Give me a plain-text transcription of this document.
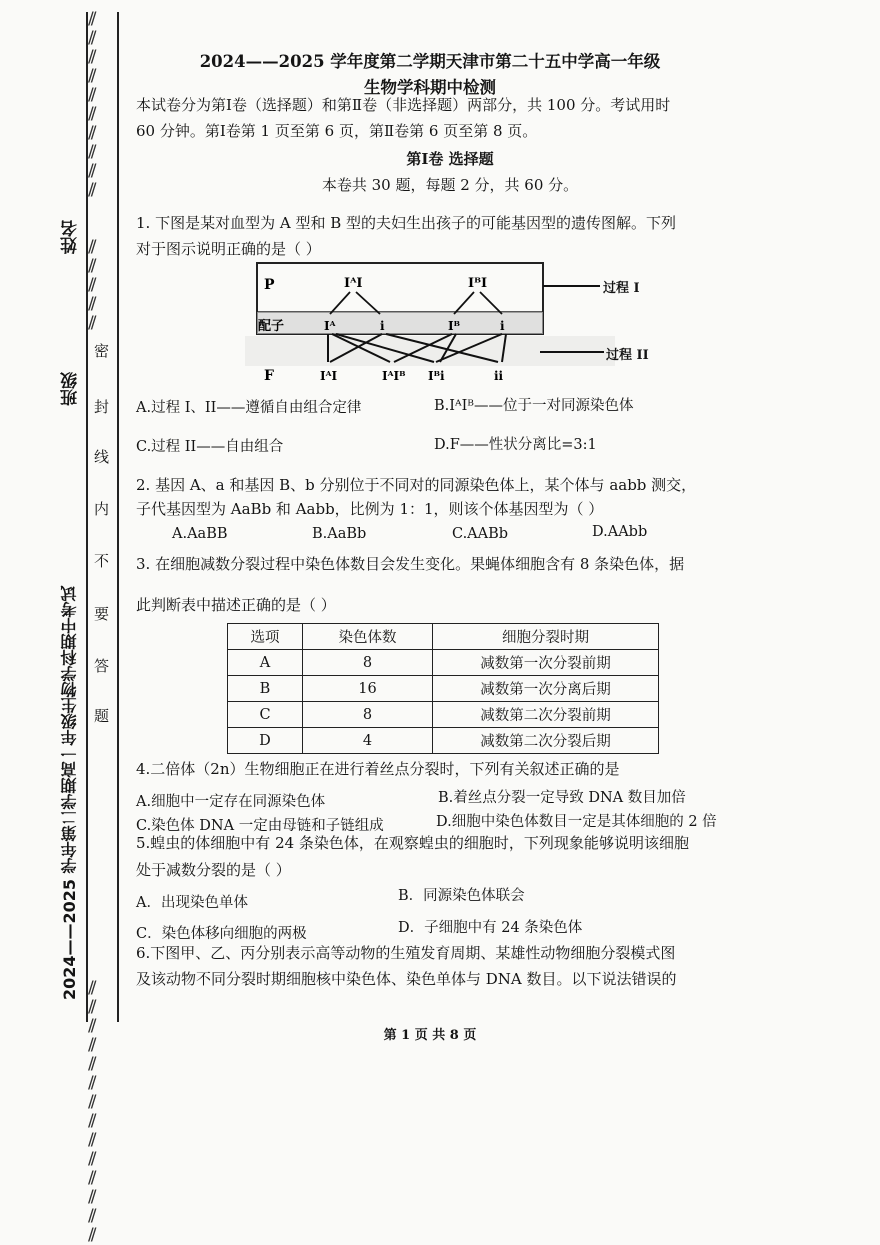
//
//
//
//
//
//
//
//
//
//
//
//
//
//
//
//
//
//
//
//
//
//
//
//
//
//
//
//
//
姓名
班级
2024——2025 学年第二学期高一年级生物学科期中考试
密
封
线
内
不
要
答
题
2024——2025 学年度第二学期天津市第二十五中学高一年级
生物学科期中检测
本试卷分为第Ⅰ卷（选择题）和第Ⅱ卷（非选择题）两部分，共 100 分。考试用时
60 分钟。第Ⅰ卷第 1 页至第 6 页，第Ⅱ卷第 6 页至第 8 页。
第Ⅰ卷 选择题
本卷共 30 题，每题 2 分，共 60 分。
1. 下图是某对血型为 A 型和 B 型的夫妇生出孩子的可能基因型的遗传图解。下列
对于图示说明正确的是（ ）
P	IᴬI	IᴮI
配子	Iᴬ	i	Iᴮ	i
F	IᴬI	IᴬIᴮ Iᴮi	ii
过程 I
过程 II
A.过程 I、II——遵循自由组合定律	B.IᴬIᴮ——位于一对同源染色体
C.过程 II——自由组合	D.F——性状分离比=3:1
2. 基因 A、a 和基因 B、b 分别位于不同对的同源染色体上，某个体与 aabb 测交，
子代基因型为 AaBb 和 Aabb，比例为 1：1，则该个体基因型为（ ）
A.AaBB	B.AaBb	C.AABb	D.AAbb
3. 在细胞减数分裂过程中染色体数目会发生变化。果蝇体细胞含有 8 条染色体，据
此判断表中描述正确的是（ ）
选项	染色体数	细胞分裂时期
A	8	减数第一次分裂前期
B	16	减数第一次分离后期
C	8	减数第二次分裂前期
D	4	减数第二次分裂后期
4.二倍体（2n）生物细胞正在进行着丝点分裂时，下列有关叙述正确的是
A.细胞中一定存在同源染色体	B.着丝点分裂一定导致 DNA 数目加倍
C.染色体 DNA 一定由母链和子链组成	D.细胞中染色体数目一定是其体细胞的 2 倍
5.蝗虫的体细胞中有 24 条染色体，在观察蝗虫的细胞时，下列现象能够说明该细胞
处于减数分裂的是（ ）
A．出现染色单体	B．同源染色体联会
C．染色体移向细胞的两极	D．子细胞中有 24 条染色体
6.下图甲、乙、丙分别表示高等动物的生殖发育周期、某雄性动物细胞分裂模式图
及该动物不同分裂时期细胞核中染色体、染色单体与 DNA 数目。以下说法错误的
第 1 页 共 8 页
